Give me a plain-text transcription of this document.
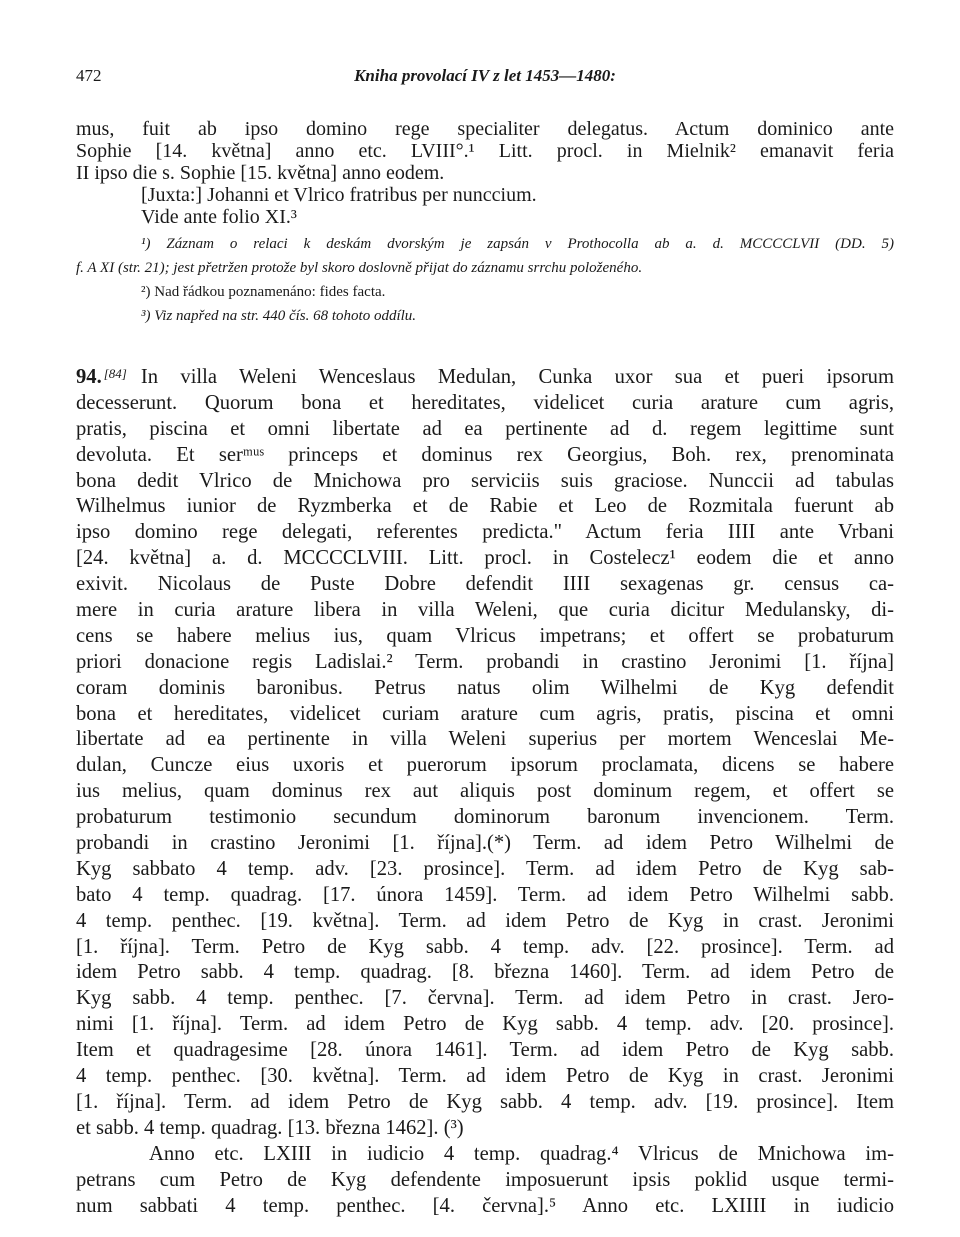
472	Kniha provolací IV z let 1453—1480:
mus, fuit ab ipso domino rege specialiter delegatus. Actum dominico ante
Sophie [14. května] anno etc. LVIII°.¹ Litt. procl. in Mielnik² emanavit feria
II ipso die s. Sophie [15. května] anno eodem.
[Juxta:] Johanni et Vlrico fratribus per nunccium.
Vide ante folio XI.³
¹) Záznam o relaci k deskám dvorským je zapsán v Prothocolla ab a. d. MCCCCLVII (DD. 5)
f. A XI (str. 21); jest přetržen protože byl skoro doslovně přijat do záznamu srrchu položeného.
²) Nad řádkou poznamenáno: fides facta.
³) Viz napřed na str. 440 čís. 68 tohoto oddílu.
94. [84] In villa Weleni Wenceslaus Medulan, Cunka uxor sua et pueri ipsorum
decesserunt. Quorum bona et hereditates, videlicet curia arature cum agris,
pratis, piscina et omni libertate ad ea pertinente ad d. regem legittime sunt
devoluta. Et serᵐᵘˢ princeps et dominus rex Georgius, Boh. rex, prenominata
bona dedit Vlrico de Mnichowa pro serviciis suis graciose. Nunccii ad tabulas
Wilhelmus iunior de Ryzmberka et de Rabie et Leo de Rozmitala fuerunt ab
ipso domino rege delegati, referentes predicta." Actum feria IIII ante Vrbani
[24. května] a. d. MCCCCLVIII. Litt. procl. in Costelecz¹ eodem die et anno
exivit. Nicolaus de Puste Dobre defendit IIII sexagenas gr. census ca-
mere in curia arature libera in villa Weleni, que curia dicitur Medulansky, di-
cens se habere melius ius, quam Vlricus impetrans; et offert se probaturum
priori donacione regis Ladislai.² Term. probandi in crastino Jeronimi [1. října]
coram dominis baronibus. Petrus natus olim Wilhelmi de Kyg defendit
bona et hereditates, videlicet curiam arature cum agris, pratis, piscina et omni
libertate ad ea pertinente in villa Weleni superius per mortem Wenceslai Me-
dulan, Cuncze eius uxoris et puerorum ipsorum proclamata, dicens se habere
ius melius, quam dominus rex aut aliquis post dominum regem, et offert se
probaturum testimonio secundum dominorum baronum invencionem. Term.
probandi in crastino Jeronimi [1. října].(*) Term. ad idem Petro Wilhelmi de
Kyg sabbato 4 temp. adv. [23. prosince]. Term. ad idem Petro de Kyg sab-
bato 4 temp. quadrag. [17. února 1459]. Term. ad idem Petro Wilhelmi sabb.
4 temp. penthec. [19. května]. Term. ad idem Petro de Kyg in crast. Jeronimi
[1. října]. Term. Petro de Kyg sabb. 4 temp. adv. [22. prosince]. Term. ad
idem Petro sabb. 4 temp. quadrag. [8. března 1460]. Term. ad idem Petro de
Kyg sabb. 4 temp. penthec. [7. června]. Term. ad idem Petro in crast. Jero-
nimi [1. října]. Term. ad idem Petro de Kyg sabb. 4 temp. adv. [20. prosince].
Item et quadragesime [28. února 1461]. Term. ad idem Petro de Kyg sabb.
4 temp. penthec. [30. května]. Term. ad idem Petro de Kyg in crast. Jeronimi
[1. října]. Term. ad idem Petro de Kyg sabb. 4 temp. adv. [19. prosince]. Item
et sabb. 4 temp. quadrag. [13. března 1462]. (³)
Anno etc. LXIII in iudicio 4 temp. quadrag.⁴ Vlricus de Mnichowa im-
petrans cum Petro de Kyg defendente imposuerunt ipsis poklid usque termi-
num sabbati 4 temp. penthec. [4. června].⁵ Anno etc. LXIIII in iudicio
